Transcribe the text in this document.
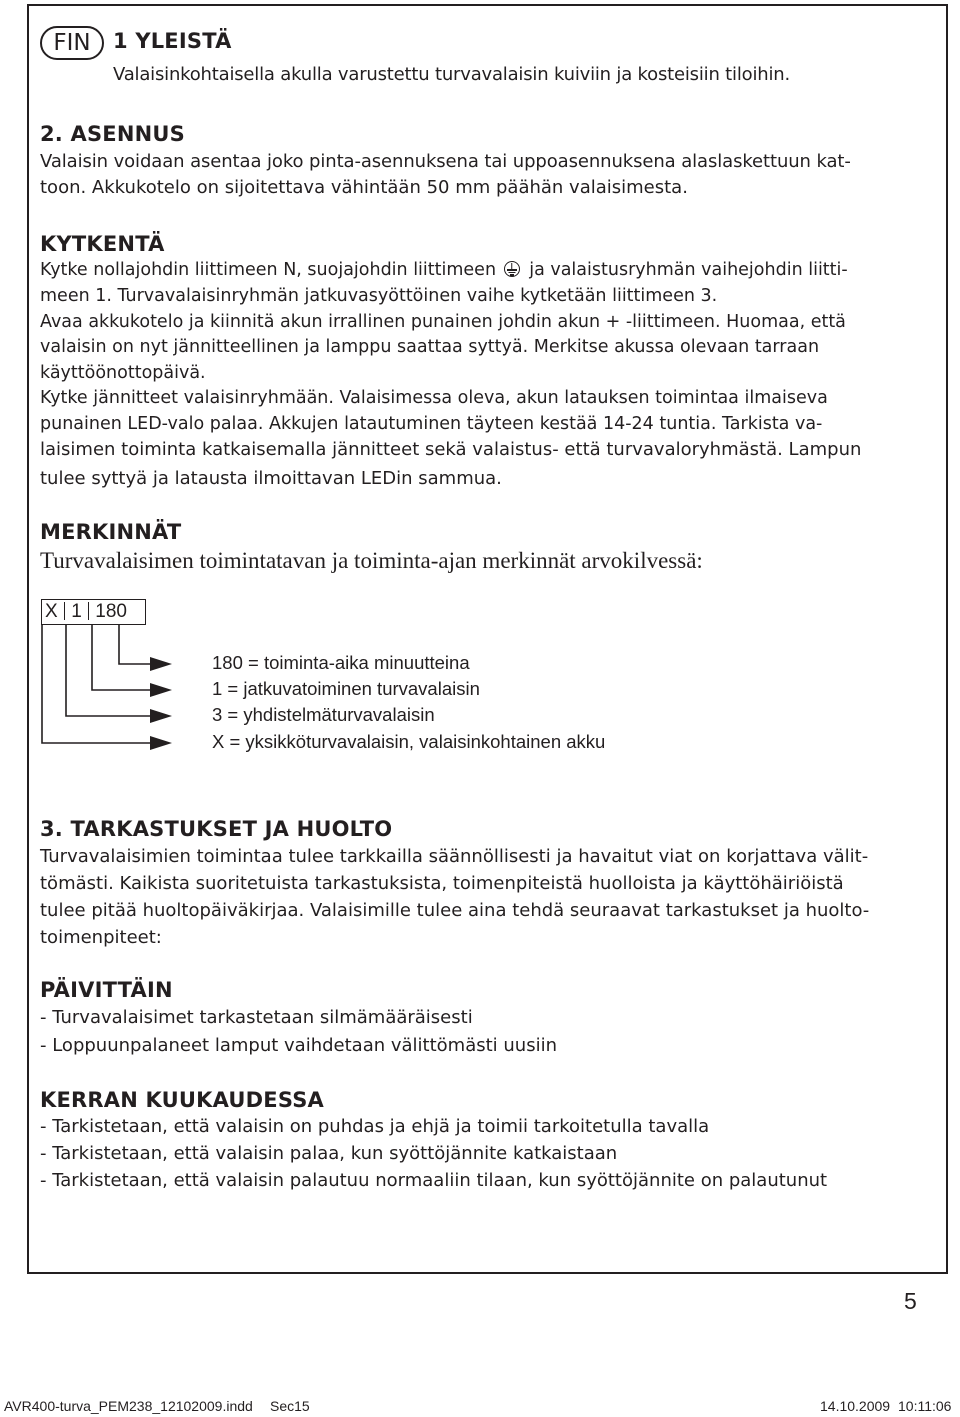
FIN	1 YLEISTÄ
Valaisinkohtaisella akulla varustettu turvavalaisin kuiviin ja kosteisiin tiloihin.
2. ASENNUS
Valaisin voidaan asentaa joko pinta-asennuksena tai uppoasennuksena alaslaskettuun kat-
toon. Akkukotelo on sijoitettava vähintään 50 mm päähän valaisimesta.
KYTKENTÄ
Kytke nollajohdin liittimeen N, suojajohdin liittimeen ja valaistusryhmän vaihejohdin liitti-
meen 1. Turvavalaisinryhmän jatkuvasyöttöinen vaihe kytketään liittimeen 3.
Avaa akkukotelo ja kiinnitä akun irrallinen punainen johdin akun + -liittimeen. Huomaa, että
valaisin on nyt jännitteellinen ja lamppu saattaa syttyä. Merkitse akussa olevaan tarraan
käyttöönottopäivä.
Kytke jännitteet valaisinryhmään. Valaisimessa oleva, akun latauksen toimintaa ilmaiseva
punainen LED-valo palaa. Akkujen latautuminen täyteen kestää 14-24 tuntia. Tarkista va-
laisimen toiminta katkaisemalla jännitteet sekä valaistus- että turvavaloryhmästä. Lampun
tulee syttyä ja latausta ilmoittavan LEDin sammua.
MERKINNÄT
Turvavalaisimen toimintatavan ja toiminta-ajan merkinnät arvokilvessä:
X 1 180
180 = toiminta-aika minuutteina
1 = jatkuvatoiminen turvavalaisin
3 = yhdistelmäturvavalaisin
X = yksikköturvavalaisin, valaisinkohtainen akku
3. TARKASTUKSET JA HUOLTO
Turvavalaisimien toimintaa tulee tarkkailla säännöllisesti ja havaitut viat on korjattava välit-
tömästi. Kaikista suoritetuista tarkastuksista, toimenpiteistä huolloista ja käyttöhäiriöistä
tulee pitää huoltopäiväkirjaa. Valaisimille tulee aina tehdä seuraavat tarkastukset ja huolto-
toimenpiteet:
PÄIVITTÄIN
- Turvavalaisimet tarkastetaan silmämääräisesti
- Loppuunpalaneet lamput vaihdetaan välittömästi uusiin
KERRAN KUUKAUDESSA
- Tarkistetaan, että valaisin on puhdas ja ehjä ja toimii tarkoitetulla tavalla
- Tarkistetaan, että valaisin palaa, kun syöttöjännite katkaistaan
- Tarkistetaan, että valaisin palautuu normaaliin tilaan, kun syöttöjännite on palautunut
5
AVR400-turva_PEM238_12102009.indd Sec15	14.10.2009 10:11:06
